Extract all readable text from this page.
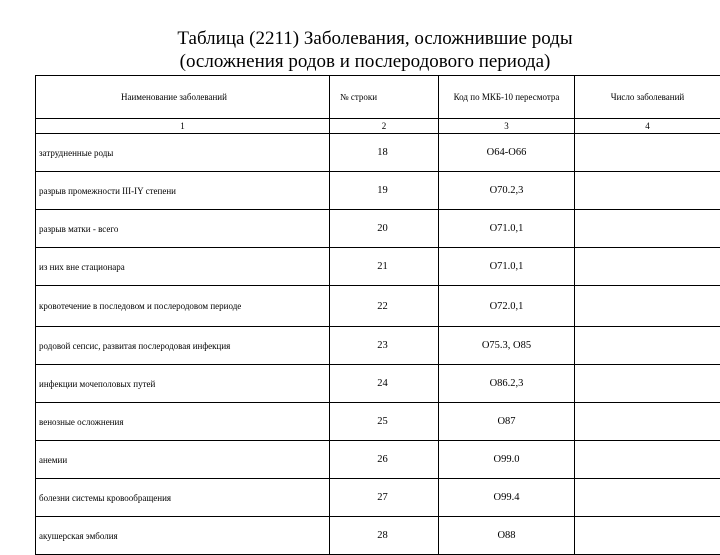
Таблица (2211) Заболевания, осложнившие роды
(осложнения родов и послеродового периода)
Наименование заболеваний	№ строки	Код по МКБ-10 пересмотра	Число заболеваний
1	2	3	4
затрудненные роды	18	O64-O66	
разрыв промежности III-IY степени	19	O70.2,3	
разрыв матки - всего	20	O71.0,1	
из них вне стационара	21	O71.0,1	
кровотечение в последовом и послеродовом периоде	22	O72.0,1	
родовой сепсис, развитая послеродовая инфекция	23	O75.3, O85	
инфекции мочеполовых путей	24	O86.2,3	
венозные осложнения	25	O87	
анемии	26	O99.0	
болезни системы кровообращения	27	O99.4	
акушерская эмболия	28	O88	
